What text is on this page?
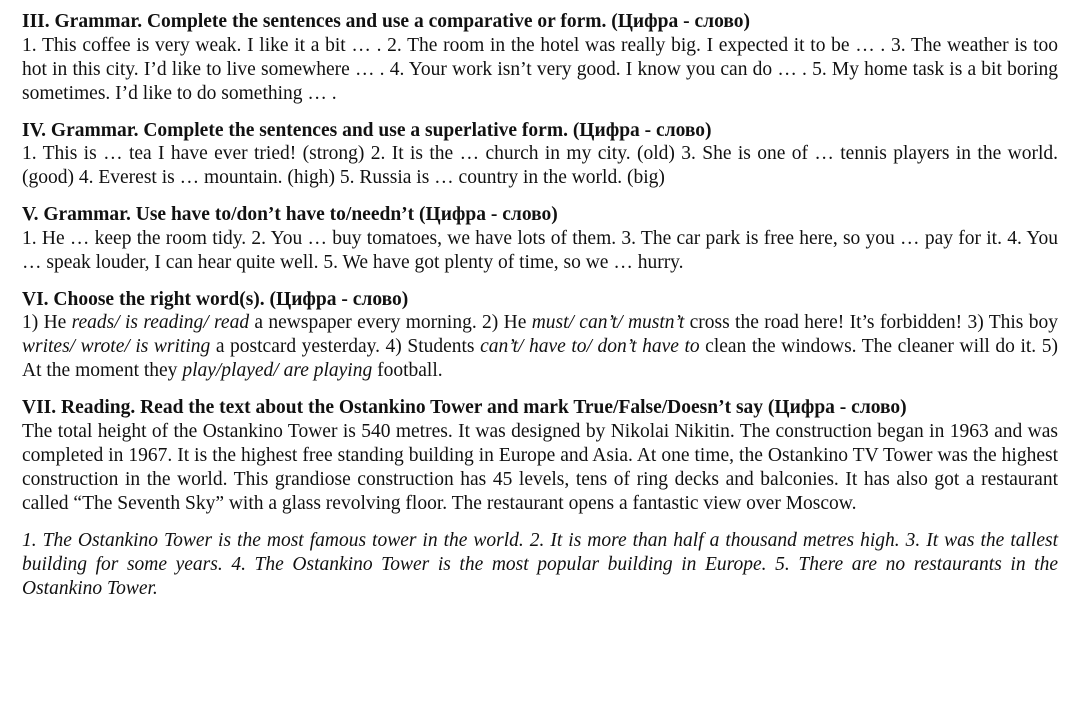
III. Grammar. Complete the sentences and use a comparative or form. (Цифра - слово)

1. This coffee is very weak. I like it a bit … . 2. The room in the hotel was really big. I expected it to be … . 3. The weather is too hot in this city. I’d like to live somewhere … . 4. Your work isn’t very good. I know you can do … . 5. My home task is a bit boring sometimes. I’d like to do something … .

IV. Grammar. Complete the sentences and use a superlative form. (Цифра - слово)

1. This is … tea I have ever tried! (strong) 2. It is the … church in my city. (old) 3. She is one of … tennis players in the world. (good) 4. Everest is … mountain. (high) 5. Russia is … country in the world. (big)

V. Grammar. Use have to/don’t have to/needn’t (Цифра - слово)

1. He … keep the room tidy. 2. You … buy tomatoes, we have lots of them. 3. The car park is free here, so you … pay for it. 4. You … speak louder, I can hear quite well. 5. We have got plenty of time, so we … hurry.

VI. Choose the right word(s). (Цифра - слово)

1) He reads/ is reading/ read a newspaper every morning. 2) He must/ can’t/ mustn’t cross the road here! It’s forbidden! 3) This boy writes/ wrote/ is writing a postcard yesterday. 4) Students can’t/ have to/ don’t have to clean the windows. The cleaner will do it. 5) At the moment they play/played/ are playing football.

VII. Reading. Read the text about the Ostankino Tower and mark True/False/Doesn’t say (Цифра - слово)

The total height of the Ostankino Tower is 540 metres. It was designed by Nikolai Nikitin. The construction began in 1963 and was completed in 1967. It is the highest free standing building in Europe and Asia. At one time, the Ostankino TV Tower was the highest construction in the world. This grandiose construction has 45 levels, tens of ring decks and balconies. It has also got a restaurant called “The Seventh Sky” with a glass revolving floor. The restaurant opens a fantastic view over Moscow.

1. The Ostankino Tower is the most famous tower in the world. 2. It is more than half a thousand metres high. 3. It was the tallest building for some years. 4. The Ostankino Tower is the most popular building in Europe. 5. There are no restaurants in the Ostankino Tower.
